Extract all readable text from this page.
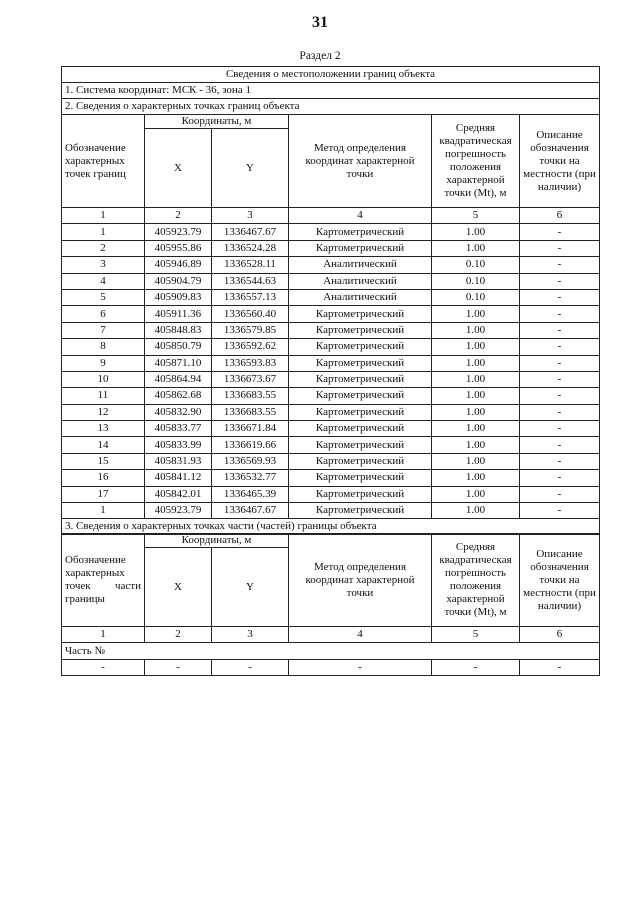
31
Раздел 2
Сведения о местоположении границ объекта					
1. Система координат: МСК - 36, зона 1					
2. Сведения о характерных точках границ объекта					
Обозначение характерных точек границ	Координаты, м		Метод определения координат характерной точки	Средняя квадратическая погрешность положения характерной точки (Mt), м	Описание обозначения точки на местности (при наличии)
	X	Y			
1	2	3	4	5	6
1	405923.79	1336467.67	Картометрический	1.00	-
2	405955.86	1336524.28	Картометрический	1.00	-
3	405946.89	1336528.11	Аналитический	0.10	-
4	405904.79	1336544.63	Аналитический	0.10	-
5	405909.83	1336557.13	Аналитический	0.10	-
6	405911.36	1336560.40	Картометрический	1.00	-
7	405848.83	1336579.85	Картометрический	1.00	-
8	405850.79	1336592.62	Картометрический	1.00	-
9	405871.10	1336593.83	Картометрический	1.00	-
10	405864.94	1336673.67	Картометрический	1.00	-
11	405862.68	1336683.55	Картометрический	1.00	-
12	405832.90	1336683.55	Картометрический	1.00	-
13	405833.77	1336671.84	Картометрический	1.00	-
14	405833.99	1336619.66	Картометрический	1.00	-
15	405831.93	1336569.93	Картометрический	1.00	-
16	405841.12	1336532.77	Картометрический	1.00	-
17	405842.01	1336465.39	Картометрический	1.00	-
1	405923.79	1336467.67	Картометрический	1.00	-
3. Сведения о характерных точках части (частей) границы объекта					
Обозначение
характерных

точек части
границы	Координаты, м		Метод определения координат характерной точки	Средняя квадратическая погрешность положения характерной точки (Mt), м	Описание обозначения точки на местности (при наличии)
	X	Y			
1	2	3	4	5	6
Часть №					
-	-	-	-	-	-
